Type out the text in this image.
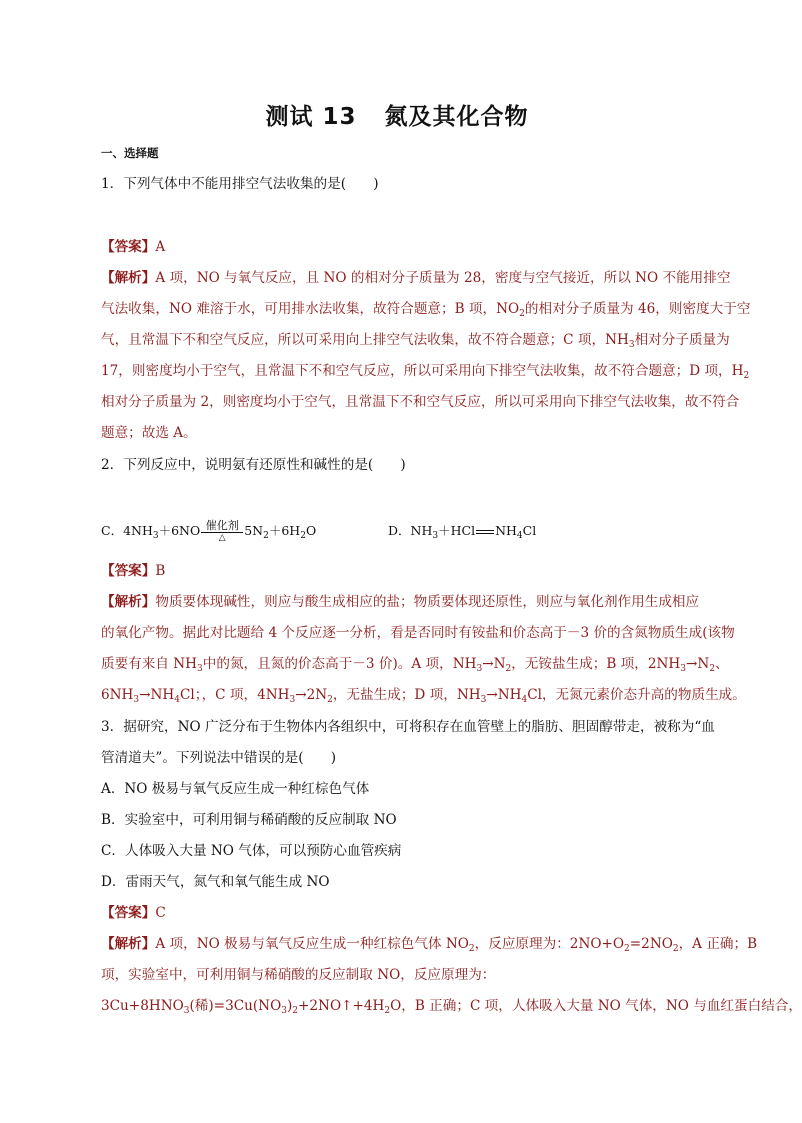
测试 13 氮及其化合物
一、选择题
1．下列气体中不能用排空气法收集的是(　　)
【答案】A
【解析】A 项，NO 与氧气反应，且 NO 的相对分子质量为 28，密度与空气接近，所以 NO 不能用排空
气法收集，NO 难溶于水，可用排水法收集，故符合题意；B 项，$NO_2$的相对分子质量为 46，则密度大于空
气，且常温下不和空气反应，所以可采用向上排空气法收集，故不符合题意；C 项，$NH_3$相对分子质量为
17，则密度均小于空气，且常温下不和空气反应，所以可采用向下排空气法收集，故不符合题意；D 项，$H_2$
相对分子质量为 2，则密度均小于空气，且常温下不和空气反应，所以可采用向下排空气法收集，故不符合
题意；故选 A。
2．下列反应中，说明氨有还原性和碱性的是(　　)
C．$4NH_3+6NO$ 催化剂
△	$5N_2+6H_2O$	D．$NH_3+HCl$ $NH_4Cl$
【答案】B
【解析】物质要体现碱性，则应与酸生成相应的盐；物质要体现还原性，则应与氧化剂作用生成相应
的氧化产物。据此对比题给 4 个反应逐一分析，看是否同时有铵盐和价态高于－3 价的含氮物质生成(该物
质要有来自 $NH_3$中的氮，且氮的价态高于－3 价)。A 项，$NH_3\to N_2$，无铵盐生成；B 项，$2NH_3\to N_2$、
$6NH_3\to NH_4Cl$；，C 项，$4NH_3\to 2N_2$，无盐生成；D 项，$NH_3\to NH_4Cl$，无氮元素价态升高的物质生成。
3．据研究，NO 广泛分布于生物体内各组织中，可将积存在血管壁上的脂肪、胆固醇带走，被称为“血
管清道夫”。下列说法中错误的是(　　)
A．NO 极易与氧气反应生成一种红棕色气体
B．实验室中，可利用铜与稀硝酸的反应制取 NO
C．人体吸入大量 NO 气体，可以预防心血管疾病
D．雷雨天气，氮气和氧气能生成 NO
【答案】C
【解析】A 项，NO 极易与氧气反应生成一种红棕色气体 $NO_2$，反应原理为：$2NO+O_2=2NO_2$，A 正确；B
项，实验室中，可利用铜与稀硝酸的反应制取 NO，反应原理为：
$3Cu+8HNO_3$(稀)$=3Cu(NO_3)_2+2NO↑+4H_2O$，B 正确；C 项，人体吸入大量 NO 气体，NO 与血红蛋白结合，
